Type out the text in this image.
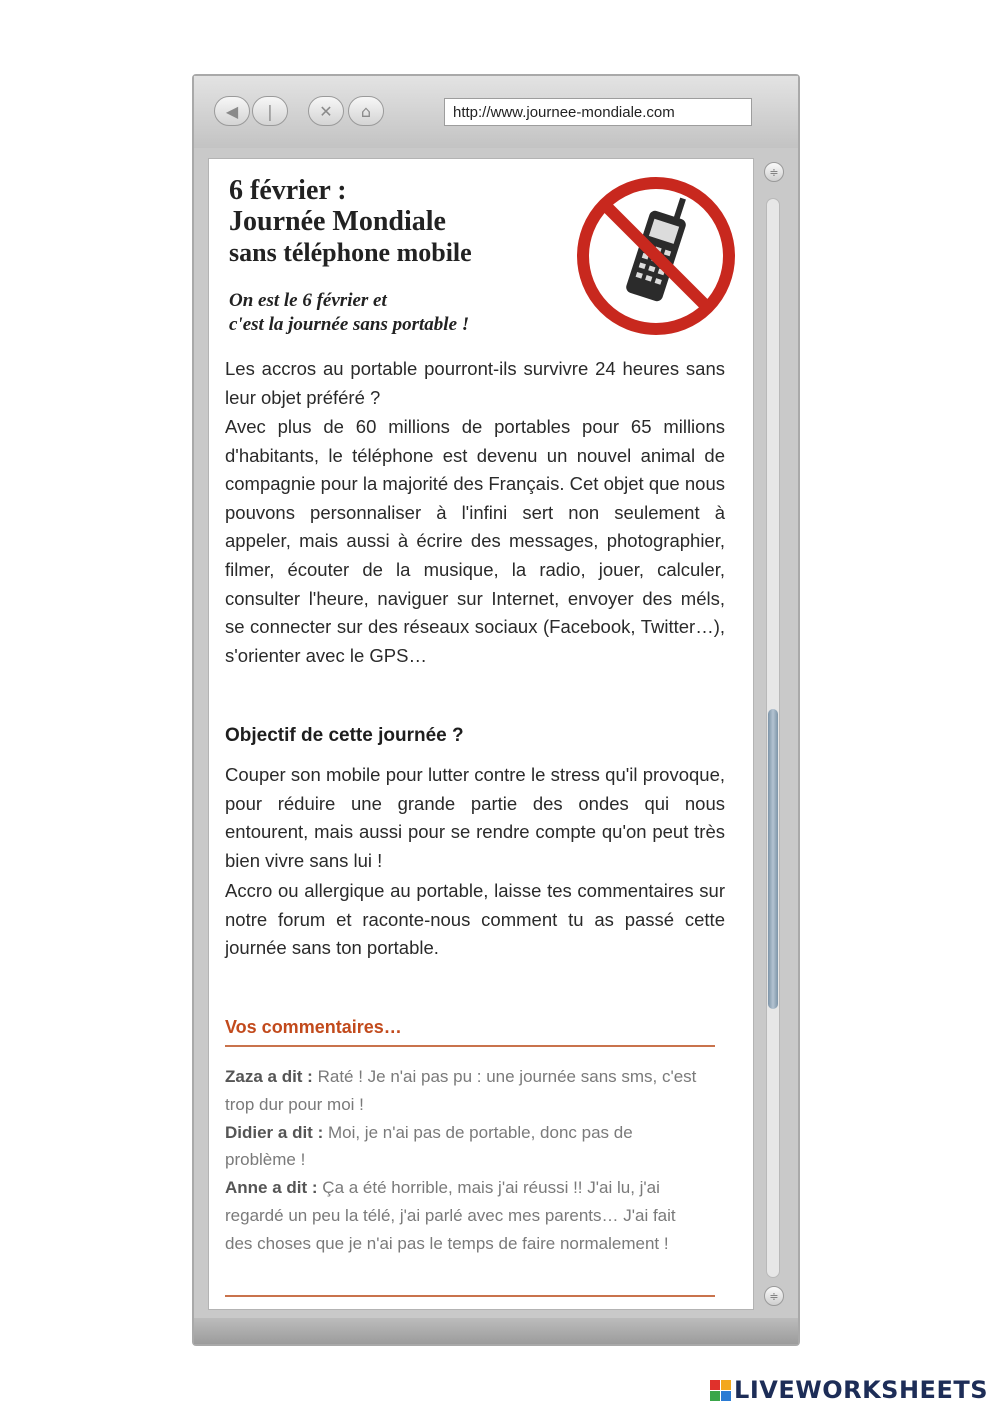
◀ |	✕ ⌂	http://www.journee-mondiale.com
6 février :
Journée Mondiale
sans téléphone mobile
On est le 6 février et
c'est la journée sans portable !
Les accros au portable pourront-ils survivre 24 heures sans leur objet préféré ?
Avec plus de 60 millions de portables pour 65 millions d'habitants, le téléphone est devenu un nouvel animal de compagnie pour la majorité des Français. Cet objet que nous pouvons personnaliser à l'infini sert non seulement à appeler, mais aussi à écrire des messages, photographier, filmer, écouter de la musique, la radio, jouer, calculer, consulter l'heure, naviguer sur Internet, envoyer des méls, se connecter sur des réseaux sociaux (Facebook, Twitter…), s'orienter avec le GPS…
Objectif de cette journée ?
Couper son mobile pour lutter contre le stress qu'il provoque, pour réduire une grande partie des ondes qui nous entourent, mais aussi pour se rendre compte qu'on peut très bien vivre sans lui !
Accro ou allergique au portable, laisse tes commentaires sur notre forum et raconte-nous comment tu as passé cette journée sans ton portable.
Vos commentaires…
Zaza a dit : Raté ! Je n'ai pas pu : une journée sans sms, c'est trop dur pour moi !
Didier a dit : Moi, je n'ai pas de portable, donc pas de problème !
Anne a dit : Ça a été horrible, mais j'ai réussi !! J'ai lu, j'ai regardé un peu la télé, j'ai parlé avec mes parents… J'ai fait des choses que je n'ai pas le temps de faire normalement !
≑
≑
LIVEWORKSHEETS
